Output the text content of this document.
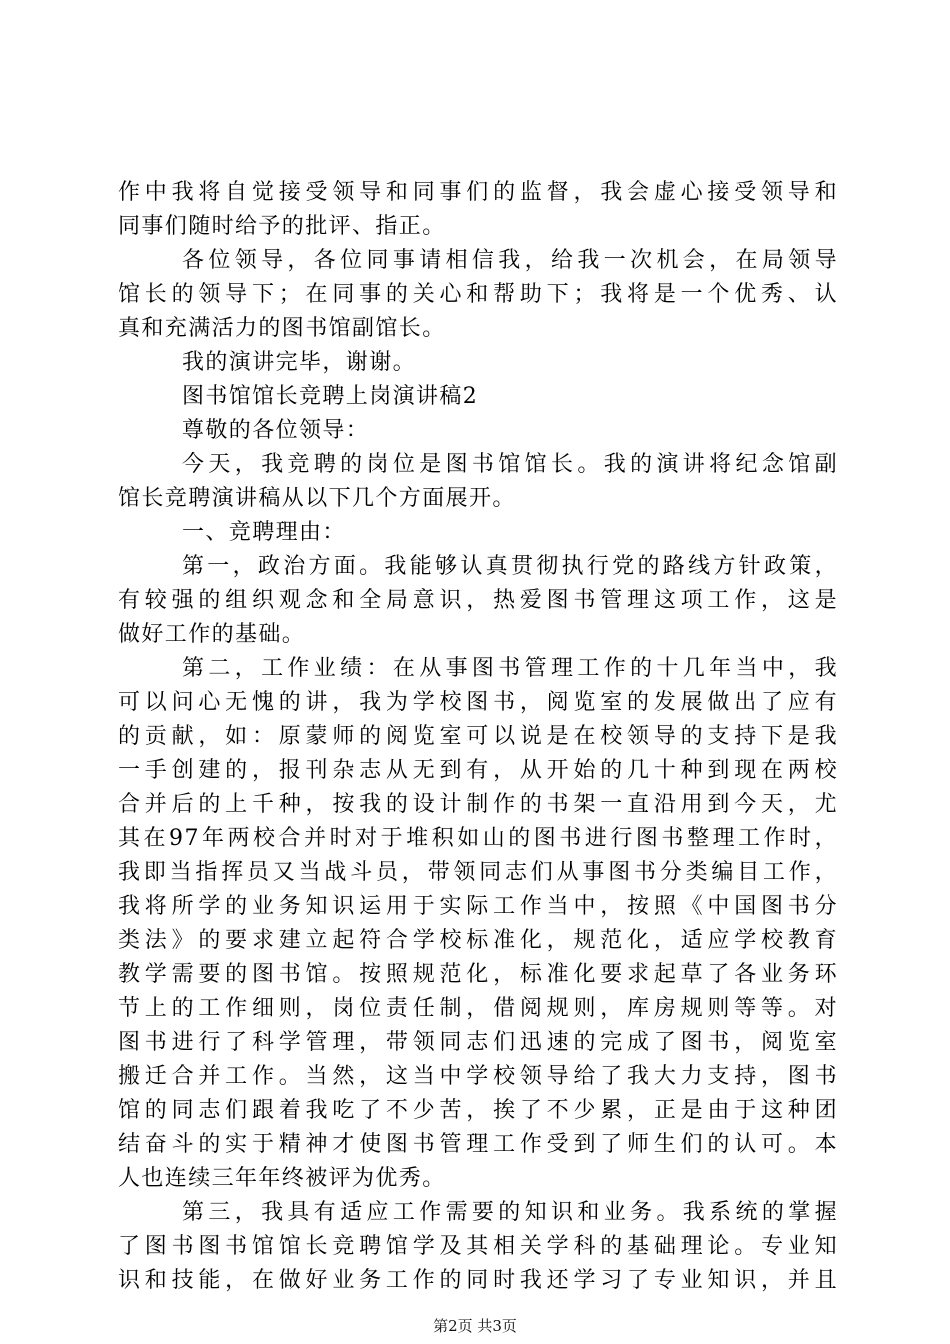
作中我将自觉接受领导和同事们的监督，我会虚心接受领导和
同事们随时给予的批评、指正。
各位领导，各位同事请相信我，给我一次机会，在局领导
馆长的领导下；在同事的关心和帮助下；我将是一个优秀、认
真和充满活力的图书馆副馆长。
我的演讲完毕，谢谢。
图书馆馆长竞聘上岗演讲稿2
尊敬的各位领导：
今天，我竞聘的岗位是图书馆馆长。我的演讲将纪念馆副
馆长竞聘演讲稿从以下几个方面展开。
一、竞聘理由：
第一，政治方面。我能够认真贯彻执行党的路线方针政策，
有较强的组织观念和全局意识，热爱图书管理这项工作，这是
做好工作的基础。
第二，工作业绩：在从事图书管理工作的十几年当中，我
可以问心无愧的讲，我为学校图书，阅览室的发展做出了应有
的贡献，如：原蒙师的阅览室可以说是在校领导的支持下是我
一手创建的，报刊杂志从无到有，从开始的几十种到现在两校
合并后的上千种，按我的设计制作的书架一直沿用到今天，尤
其在97年两校合并时对于堆积如山的图书进行图书整理工作时，
我即当指挥员又当战斗员，带领同志们从事图书分类编目工作，
我将所学的业务知识运用于实际工作当中，按照《中国图书分
类法》的要求建立起符合学校标准化，规范化，适应学校教育
教学需要的图书馆。按照规范化，标准化要求起草了各业务环
节上的工作细则，岗位责任制，借阅规则，库房规则等等。对
图书进行了科学管理，带领同志们迅速的完成了图书，阅览室
搬迁合并工作。当然，这当中学校领导给了我大力支持，图书
馆的同志们跟着我吃了不少苦，挨了不少累，正是由于这种团
结奋斗的实于精神才使图书管理工作受到了师生们的认可。本
人也连续三年年终被评为优秀。
第三，我具有适应工作需要的知识和业务。我系统的掌握
了图书图书馆馆长竞聘馆学及其相关学科的基础理论。专业知
识和技能，在做好业务工作的同时我还学习了专业知识，并且
第2页 共3页
